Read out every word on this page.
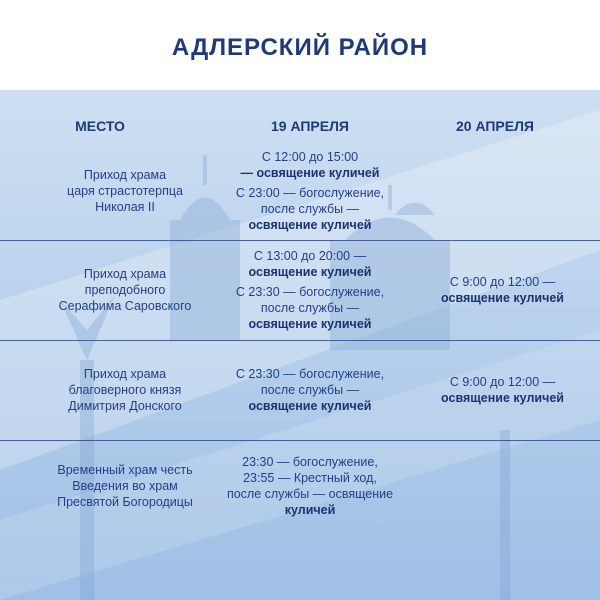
АДЛЕРСКИЙ РАЙОН
МЕСТО	19 АПРЕЛЯ	20 АПРЕЛЯ
Приход храма
царя страстотерпца
Николая II
С 12:00 до 15:00
— освящение куличей
С 23:00 — богослужение,
после службы —
освящение куличей
Приход храма
преподобного
Серафима Саровского
С 13:00 до 20:00 —
освящение куличей
С 23:30 — богослужение,
после службы —
освящение куличей
С 9:00 до 12:00 —
освящение куличей
Приход храма
благоверного князя
Димитрия Донского
С 23:30 — богослужение,
после службы —
освящение куличей
С 9:00 до 12:00 —
освящение куличей
Временный храм честь
Введения во храм
Пресвятой Богородицы
23:30 — богослужение,
23:55 — Крестный ход,
после службы — освящение
куличей
